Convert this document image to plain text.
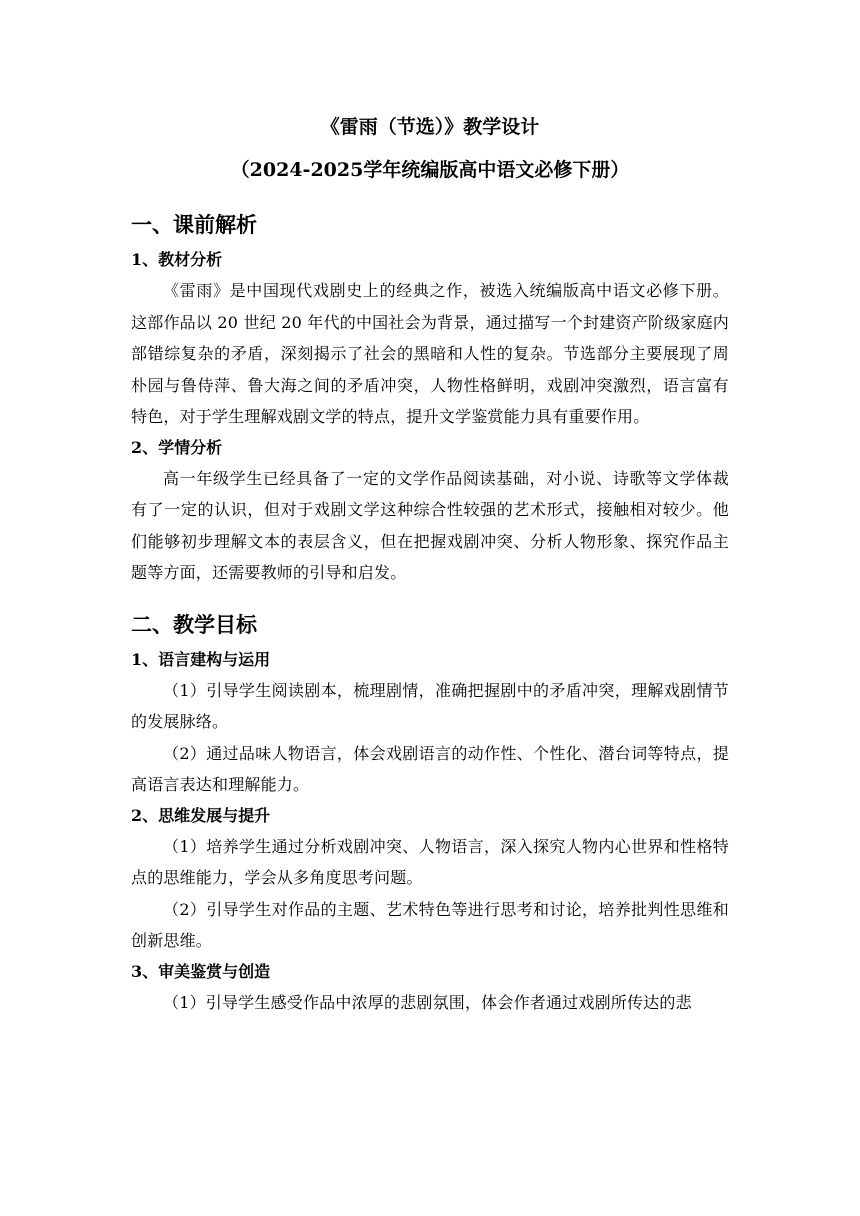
《雷雨（节选）》教学设计

（2024-2025学年统编版高中语文必修下册）

一、课前解析

1、教材分析

《雷雨》是中国现代戏剧史上的经典之作，被选入统编版高中语文必修下册。这部作品以 20 世纪 20 年代的中国社会为背景，通过描写一个封建资产阶级家庭内部错综复杂的矛盾，深刻揭示了社会的黑暗和人性的复杂。节选部分主要展现了周朴园与鲁侍萍、鲁大海之间的矛盾冲突，人物性格鲜明，戏剧冲突激烈，语言富有特色，对于学生理解戏剧文学的特点，提升文学鉴赏能力具有重要作用。

2、学情分析

高一年级学生已经具备了一定的文学作品阅读基础，对小说、诗歌等文学体裁有了一定的认识，但对于戏剧文学这种综合性较强的艺术形式，接触相对较少。他们能够初步理解文本的表层含义，但在把握戏剧冲突、分析人物形象、探究作品主题等方面，还需要教师的引导和启发。

二、教学目标

1、语言建构与运用

（1）引导学生阅读剧本，梳理剧情，准确把握剧中的矛盾冲突，理解戏剧情节的发展脉络。

（2）通过品味人物语言，体会戏剧语言的动作性、个性化、潜台词等特点，提高语言表达和理解能力。

2、思维发展与提升

（1）培养学生通过分析戏剧冲突、人物语言，深入探究人物内心世界和性格特点的思维能力，学会从多角度思考问题。

（2）引导学生对作品的主题、艺术特色等进行思考和讨论，培养批判性思维和创新思维。

3、审美鉴赏与创造

（1）引导学生感受作品中浓厚的悲剧氛围，体会作者通过戏剧所传达的悲
